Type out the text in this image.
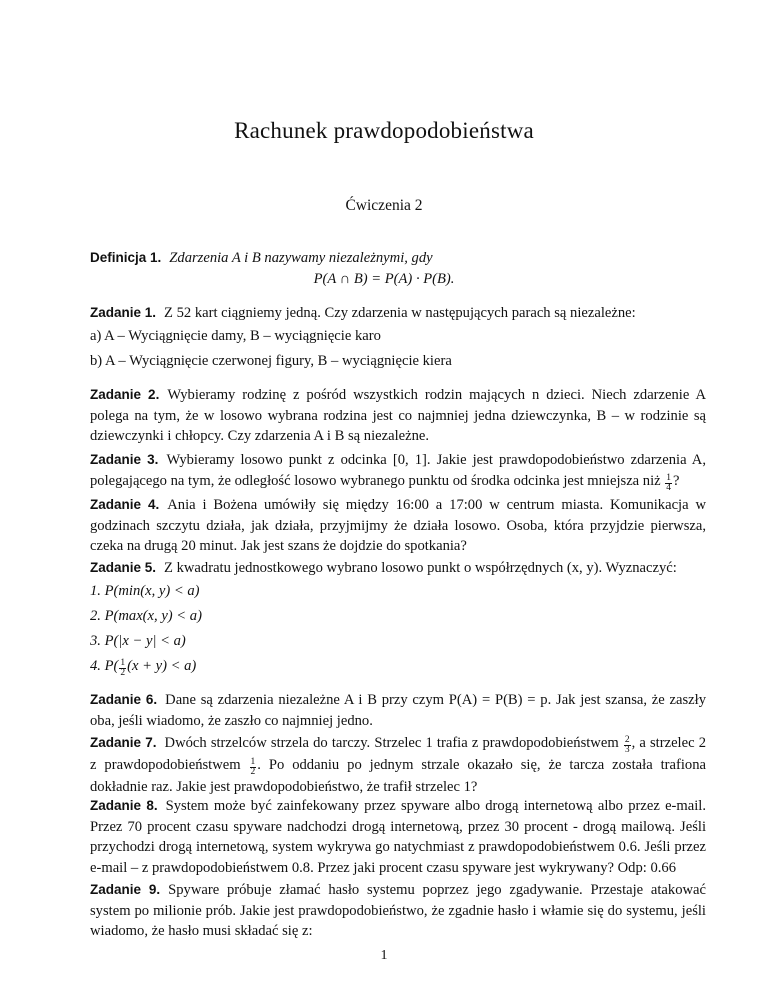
Rachunek prawdopodobieństwa
Ćwiczenia 2
Definicja 1. Zdarzenia A i B nazywamy niezależnymi, gdy
P(A ∩ B) = P(A) · P(B).
Zadanie 1. Z 52 kart ciągniemy jedną. Czy zdarzenia w następujących parach są niezależne:
a) A – Wyciągnięcie damy, B – wyciągnięcie karo
b) A – Wyciągnięcie czerwonej figury, B – wyciągnięcie kiera
Zadanie 2. Wybieramy rodzinę z pośród wszystkich rodzin mających n dzieci. Niech zdarzenie A polega na tym, że w losowo wybrana rodzina jest co najmniej jedna dziewczynka, B – w rodzinie są dziewczynki i chłopcy. Czy zdarzenia A i B są niezależne.
Zadanie 3. Wybieramy losowo punkt z odcinka [0, 1]. Jakie jest prawdopodobieństwo zdarzenia A, polegającego na tym, że odległość losowo wybranego punktu od środka odcinka jest mniejsza niż $\frac{1}{4}$ ?
Zadanie 4. Ania i Bożena umówiły się między 16:00 a 17:00 w centrum miasta. Komunikacja w godzinach szczytu działa, jak działa, przyjmijmy że działa losowo. Osoba, która przyjdzie pierwsza, czeka na drugą 20 minut. Jak jest szans że dojdzie do spotkania?
Zadanie 5. Z kwadratu jednostkowego wybrano losowo punkt o współrzędnych (x, y). Wyznaczyć:
1. P(min(x, y) < a)
2. P(max(x, y) < a)
3. P(|x − y| < a)
4. $P( \frac{1}{2} (x + y) < a)$
Zadanie 6. Dane są zdarzenia niezależne A i B przy czym P(A) = P(B) = p. Jak jest szansa, że zaszły oba, jeśli wiadomo, że zaszło co najmniej jedno.
Zadanie 7. Dwóch strzelców strzela do tarczy. Strzelec 1 trafia z prawdopodobieństwem $\frac{2}{3}$ , a strzelec 2 z prawdopodobieństwem $\frac{1}{2}$ . Po oddaniu po jednym strzale okazało się, że tarcza została trafiona dokładnie raz. Jakie jest prawdopodobieństwo, że trafił strzelec 1?
Zadanie 8. System może być zainfekowany przez spyware albo drogą internetową albo przez e-mail. Przez 70 procent czasu spyware nadchodzi drogą internetową, przez 30 procent - drogą mailową. Jeśli przychodzi drogą internetową, system wykrywa go natychmiast z prawdopodobieństwem 0.6. Jeśli przez e-mail – z prawdopodobieństwem 0.8. Przez jaki procent czasu spyware jest wykrywany? Odp: 0.66
Zadanie 9. Spyware próbuje złamać hasło systemu poprzez jego zgadywanie. Przestaje atakować system po milionie prób. Jakie jest prawdopodobieństwo, że zgadnie hasło i włamie się do systemu, jeśli wiadomo, że hasło musi składać się z:
1
